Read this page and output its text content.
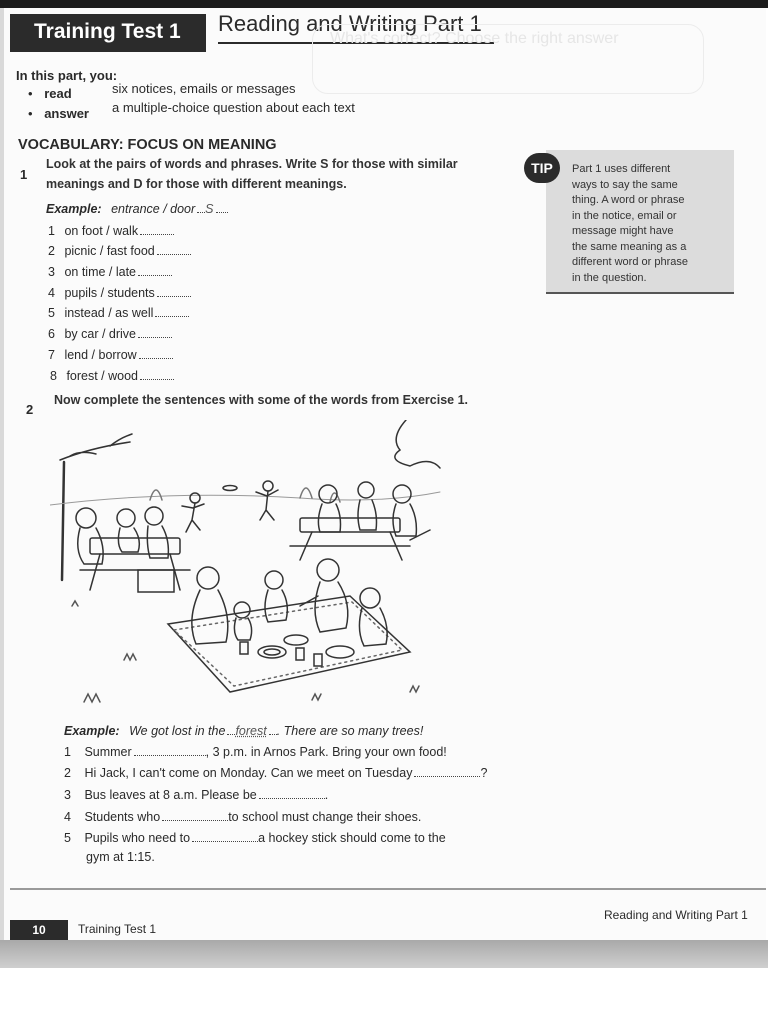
Training Test 1 Reading and Writing Part 1
What's correct? Choose the right answer
In this part, you:
• read	six notices, emails or messages
• answer a multiple-choice question about each text
VOCABULARY: FOCUS ON MEANING
1
Look at the pairs of words and phrases. Write S for those with similar
meanings and D for those with different meanings.
Example: entrance / door S
1 on foot / walk
2 picnic / fast food
3 on time / late
4 pupils / students
5 instead / as well
6 by car / drive
7 lend / borrow
8 forest / wood
Part 1 uses different
ways to say the same
thing. A word or phrase
in the notice, email or
message might have
the same meaning as a
different word or phrase
in the question.
TIP
2
Now complete the sentences with some of the words from Exercise 1.
Example: We got lost in the forest . There are so many trees!
1 Summer	, 3 p.m. in Arnos Park. Bring your own food!
2 Hi Jack, I can't come on Monday. Can we meet on Tuesday	?
3 Bus leaves at 8 a.m. Please be	.
4 Students who	to school must change their shoes.
5 Pupils who need to	a hockey stick should come to the
gym at 1:15.
10	Training Test 1
Reading and Writing Part 1
